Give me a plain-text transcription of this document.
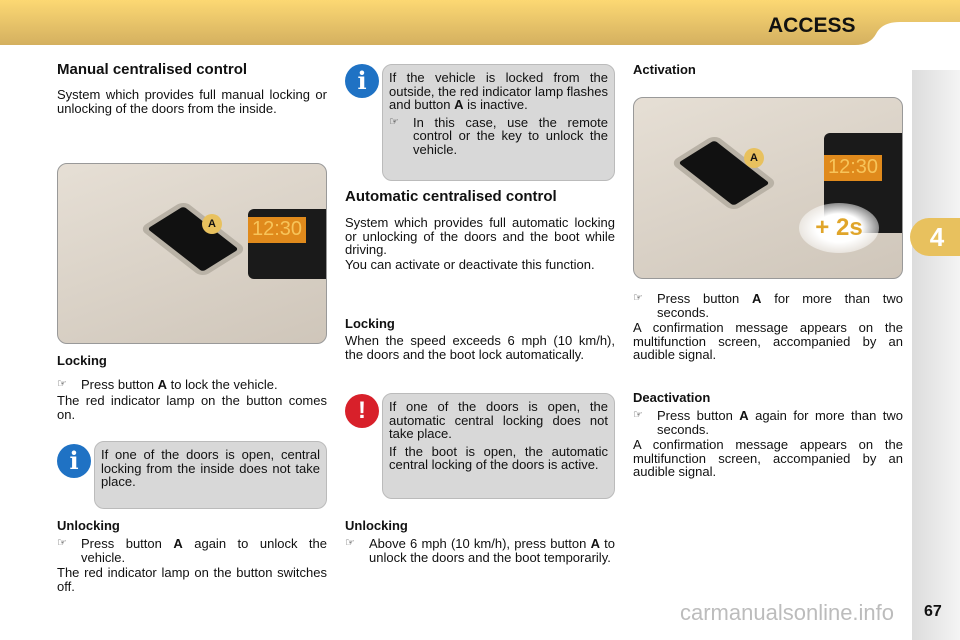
ACCESS
4
carmanualsonline.info 67
Manual centralised control

System which provides full manual locking or unlocking of the doors from the inside.

A	12:30
Locking
☞	Press button A to lock the vehicle.

The red indicator lamp on the button comes on.

If one of the doors is open, central locking from the inside does not take place.

i
Unlocking
☞	Press button A again to unlock the vehicle.

The red indicator lamp on the button switches off.

If the vehicle is locked from the outside, the red indicator lamp flashes and button A is inactive.

☞	In this case, use the remote control or the key to unlock the vehicle.

i
Automatic centralised control

System which provides full automatic locking or unlocking of the doors and the boot while driving.

You can activate or deactivate this function.

Locking

When the speed exceeds 6 mph (10 km/h), the doors and the boot lock automatically.

If one of the doors is open, the automatic central locking does not take place.

If the boot is open, the automatic central locking of the doors is active.

!
Unlocking
☞	Above 6 mph (10 km/h), press button A to unlock the doors and the boot temporarily.

Activation
A	12:30
+ 2s
☞	Press button A for more than two seconds.

A confirmation message appears on the multifunction screen, accompanied by an audible signal.

Deactivation
☞	Press button A again for more than two seconds.

A confirmation message appears on the multifunction screen, accompanied by an audible signal.
